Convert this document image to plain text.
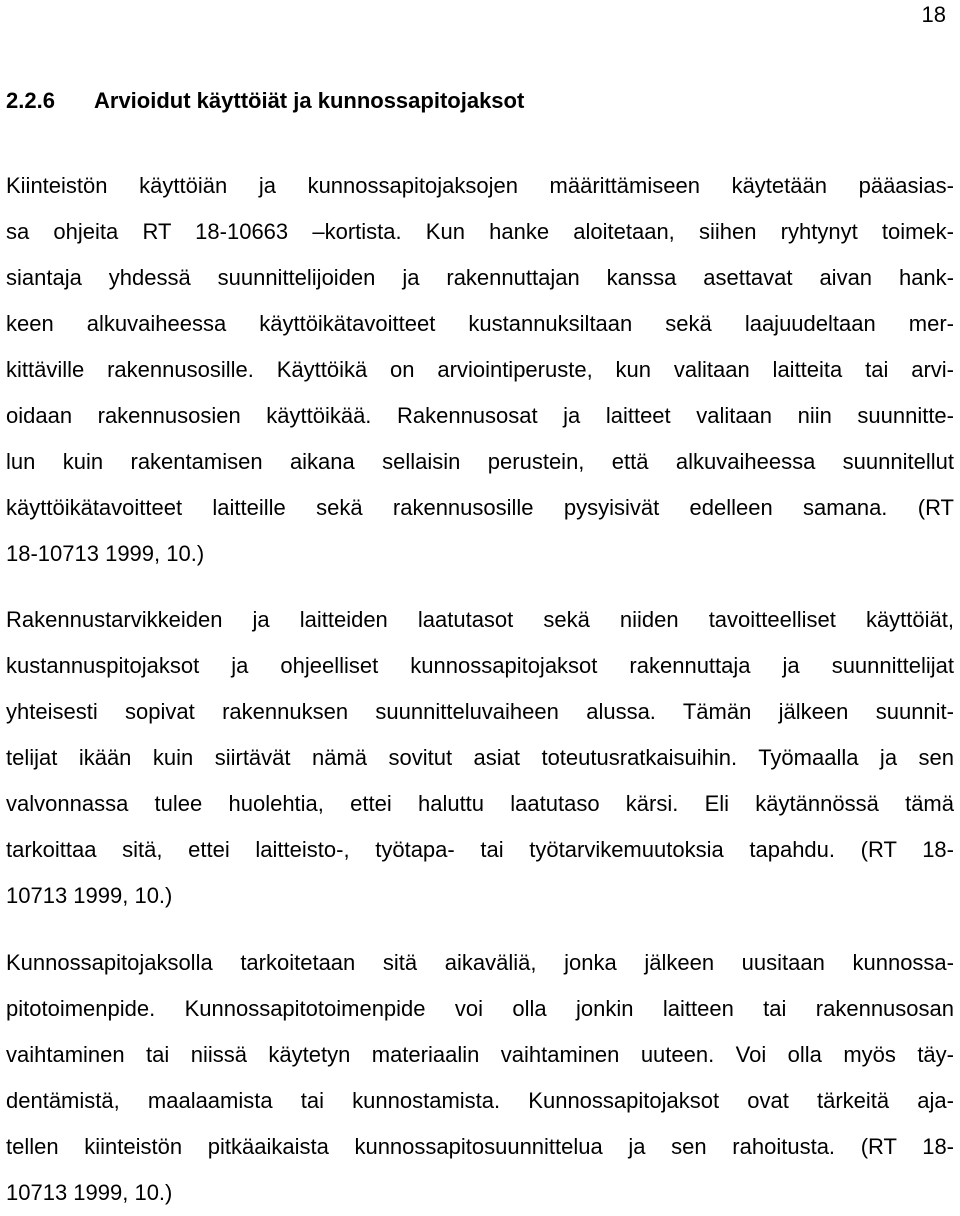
18
2.2.6 Arvioidut käyttöiät ja kunnossapitojaksot
Kiinteistön käyttöiän ja kunnossapitojaksojen määrittämiseen käytetään pääasias-
sa ohjeita RT 18-10663 –kortista. Kun hanke aloitetaan, siihen ryhtynyt toimek-
siantaja yhdessä suunnittelijoiden ja rakennuttajan kanssa asettavat aivan hank-
keen alkuvaiheessa käyttöikätavoitteet kustannuksiltaan sekä laajuudeltaan mer-
kittäville rakennusosille. Käyttöikä on arviointiperuste, kun valitaan laitteita tai arvi-
oidaan rakennusosien käyttöikää. Rakennusosat ja laitteet valitaan niin suunnitte-
lun kuin rakentamisen aikana sellaisin perustein, että alkuvaiheessa suunnitellut
käyttöikätavoitteet laitteille sekä rakennusosille pysyisivät edelleen samana. (RT
18-10713 1999, 10.)
Rakennustarvikkeiden ja laitteiden laatutasot sekä niiden tavoitteelliset käyttöiät,
kustannuspitojaksot ja ohjeelliset kunnossapitojaksot rakennuttaja ja suunnittelijat
yhteisesti sopivat rakennuksen suunnitteluvaiheen alussa. Tämän jälkeen suunnit-
telijat ikään kuin siirtävät nämä sovitut asiat toteutusratkaisuihin. Työmaalla ja sen
valvonnassa tulee huolehtia, ettei haluttu laatutaso kärsi. Eli käytännössä tämä
tarkoittaa sitä, ettei laitteisto-, työtapa- tai työtarvikemuutoksia tapahdu. (RT 18-
10713 1999, 10.)
Kunnossapitojaksolla tarkoitetaan sitä aikaväliä, jonka jälkeen uusitaan kunnossa-
pitotoimenpide. Kunnossapitotoimenpide voi olla jonkin laitteen tai rakennusosan
vaihtaminen tai niissä käytetyn materiaalin vaihtaminen uuteen. Voi olla myös täy-
dentämistä, maalaamista tai kunnostamista. Kunnossapitojaksot ovat tärkeitä aja-
tellen kiinteistön pitkäaikaista kunnossapitosuunnittelua ja sen rahoitusta. (RT 18-
10713 1999, 10.)
